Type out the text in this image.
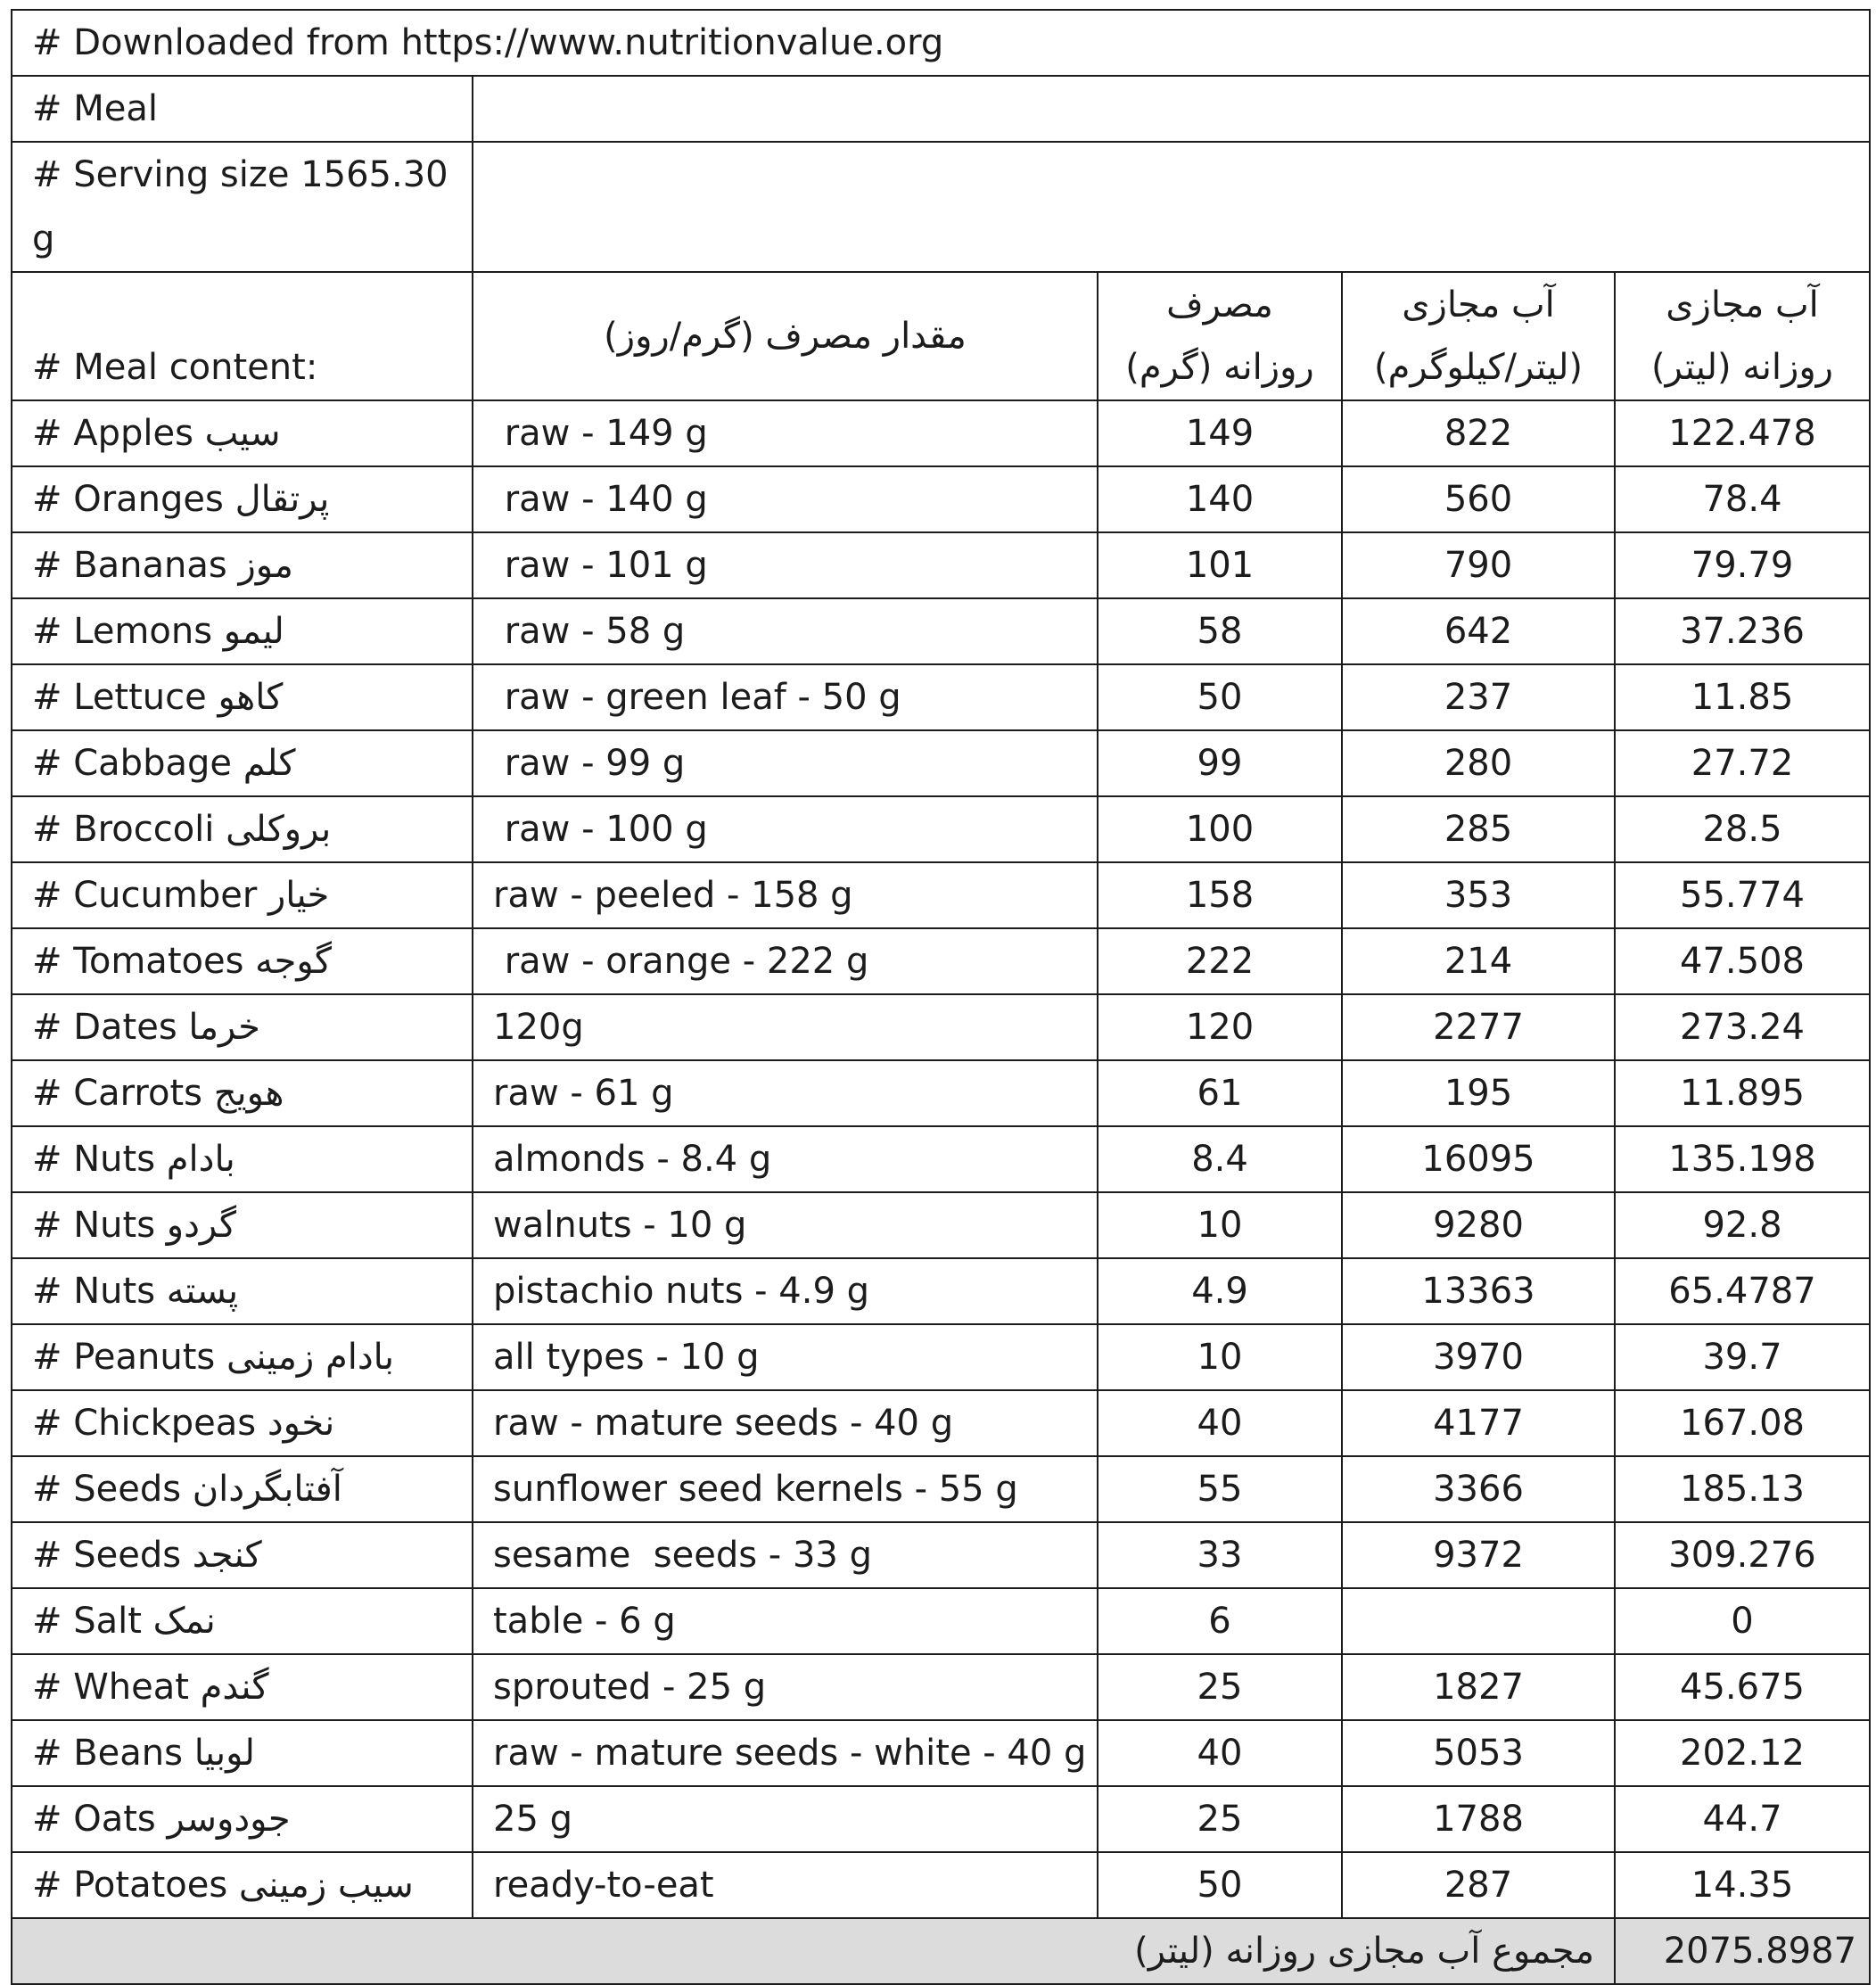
# Downloaded from https://www.nutritionvalue.org				
# Meal				
# Serving size 1565.30 g				
# Meal content:	مقدار مصرف (گرم/روز)	مصرف روزانه (گرم)	آب مجازی (لیتر/کیلوگرم)	آب مجازی روزانه (لیتر)
# Apples سیب	raw - 149 g	149	822	122.478
# Oranges پرتقال	raw - 140 g	140	560	78.4
# Bananas موز	raw - 101 g	101	790	79.79
# Lemons لیمو	raw - 58 g	58	642	37.236
# Lettuce کاهو	raw - green leaf - 50 g	50	237	11.85
# Cabbage کلم	raw - 99 g	99	280	27.72
# Broccoli بروکلی	raw - 100 g	100	285	28.5
# Cucumber خیار	raw - peeled - 158 g	158	353	55.774
# Tomatoes گوجه	raw - orange - 222 g	222	214	47.508
# Dates خرما	120g	120	2277	273.24
# Carrots هویج	raw - 61 g	61	195	11.895
# Nuts بادام	almonds - 8.4 g	8.4	16095	135.198
# Nuts گردو	walnuts - 10 g	10	9280	92.8
# Nuts پسته	pistachio nuts - 4.9 g	4.9	13363	65.4787
# Peanuts بادام زمینی	all types - 10 g	10	3970	39.7
# Chickpeas نخود	raw - mature seeds - 40 g	40	4177	167.08
# Seeds آفتابگردان	sunflower seed kernels - 55 g	55	3366	185.13
# Seeds کنجد	sesame  seeds - 33 g	33	9372	309.276
# Salt نمک	table - 6 g	6		0
# Wheat گندم	sprouted - 25 g	25	1827	45.675
# Beans لوبیا	raw - mature seeds - white - 40 g	40	5053	202.12
# Oats جودوسر	25 g	25	1788	44.7
# Potatoes سیب زمینی	ready-to-eat	50	287	14.35
مجموع آب مجازی روزانه (لیتر)				2075.8987
